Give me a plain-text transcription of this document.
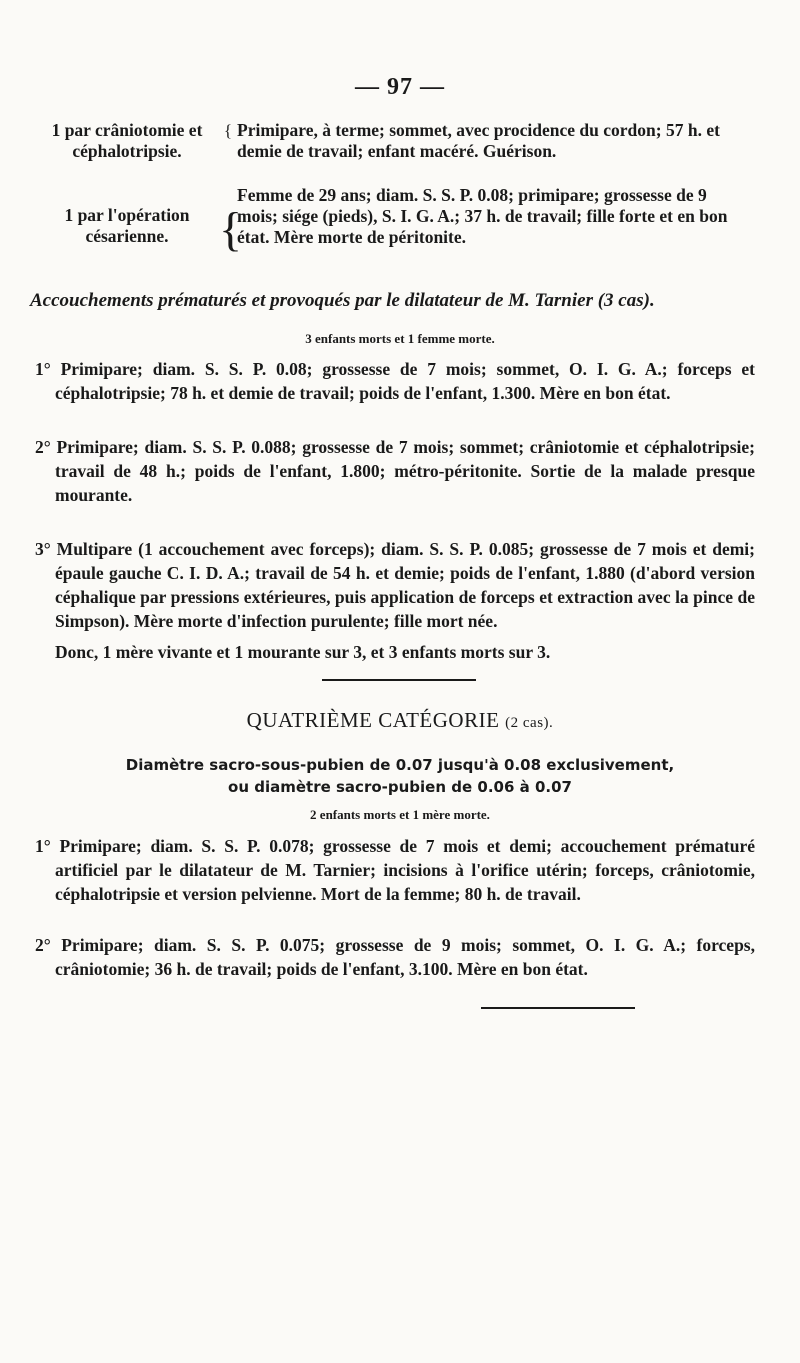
— 97 —
1 par crâniotomie et céphalotripsie.
{ Primipare, à terme; sommet, avec procidence du cordon; 57 h. et demie de travail; enfant macéré. Guérison.
1 par l'opération césarienne.	{
Femme de 29 ans; diam. S. S. P. 0.08; primipare; grossesse de 9 mois; siége (pieds), S. I. G. A.; 37 h. de travail; fille forte et en bon état. Mère morte de péritonite.
Accouchements prématurés et provoqués par le dilatateur de M. Tarnier (3 cas).
3 enfants morts et 1 femme morte.
1° Primipare; diam. S. S. P. 0.08; grossesse de 7 mois; sommet, O. I. G. A.; forceps et céphalotripsie; 78 h. et demie de travail; poids de l'enfant, 1.300. Mère en bon état.
2° Primipare; diam. S. S. P. 0.088; grossesse de 7 mois; sommet; crâniotomie et céphalotripsie; travail de 48 h.; poids de l'enfant, 1.800; métro-péritonite. Sortie de la malade presque mourante.
3° Multipare (1 accouchement avec forceps); diam. S. S. P. 0.085; grossesse de 7 mois et demi; épaule gauche C. I. D. A.; travail de 54 h. et demie; poids de l'enfant, 1.880 (d'abord version céphalique par pressions extérieures, puis application de forceps et extraction avec la pince de Simpson). Mère morte d'infection purulente; fille mort née.
Donc, 1 mère vivante et 1 mourante sur 3, et 3 enfants morts sur 3.
QUATRIÈME CATÉGORIE (2 cas).
Diamètre sacro-sous-pubien de 0.07 jusqu'à 0.08 exclusivement,
ou diamètre sacro-pubien de 0.06 à 0.07
2 enfants morts et 1 mère morte.
1° Primipare; diam. S. S. P. 0.078; grossesse de 7 mois et demi; accouchement prématuré artificiel par le dilatateur de M. Tarnier; incisions à l'orifice utérin; forceps, crâniotomie, céphalotripsie et version pelvienne. Mort de la femme; 80 h. de travail.
2° Primipare; diam. S. S. P. 0.075; grossesse de 9 mois; sommet, O. I. G. A.; forceps, crâniotomie; 36 h. de travail; poids de l'enfant, 3.100. Mère en bon état.
